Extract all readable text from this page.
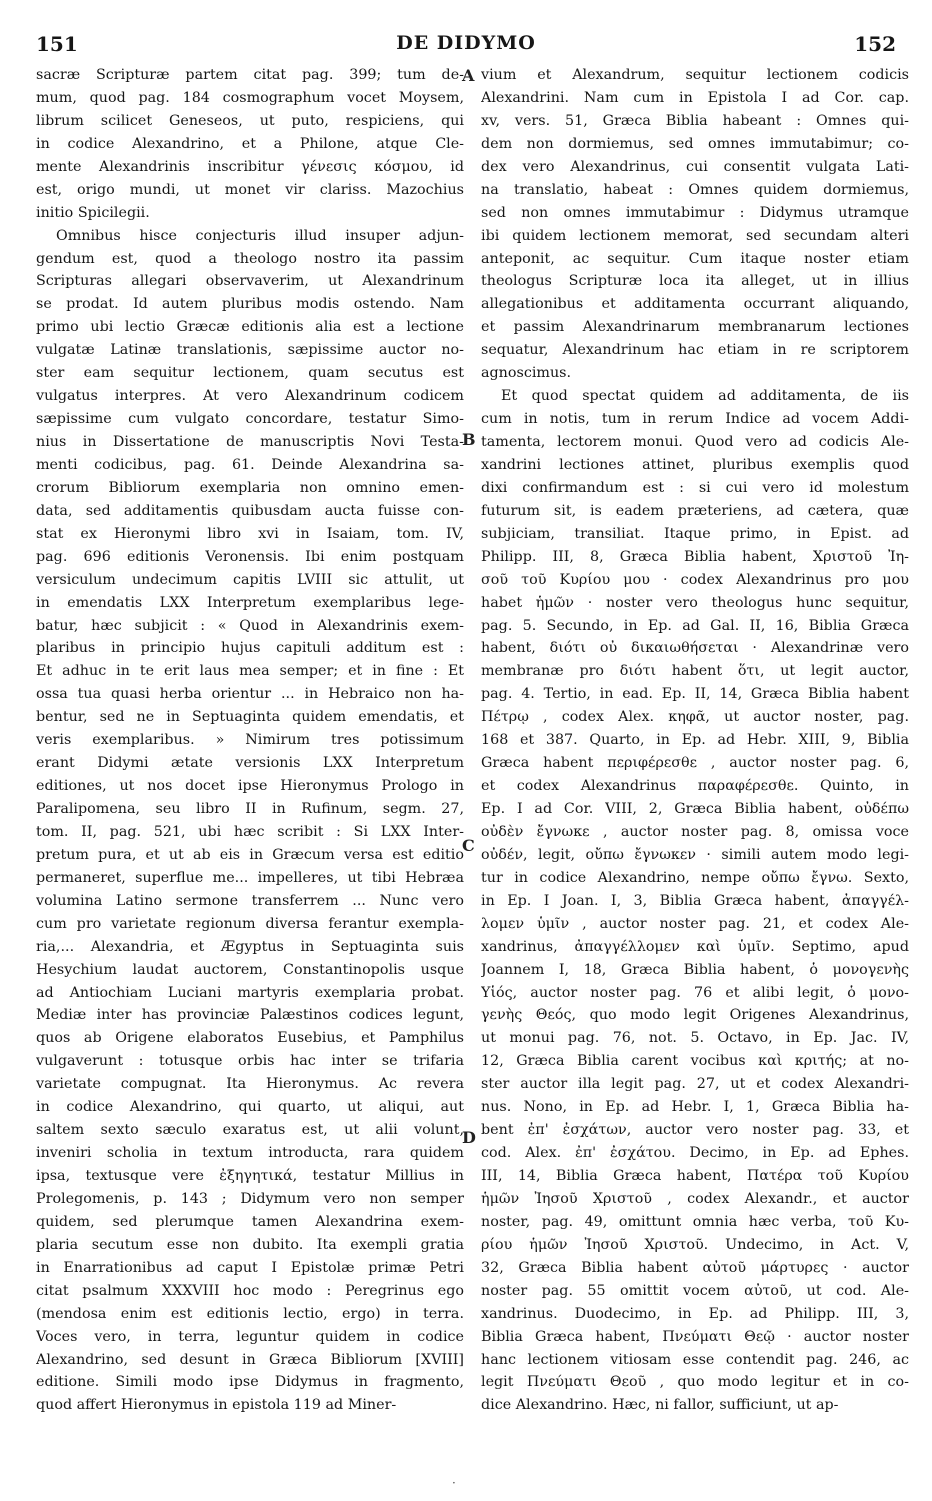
151	DE DIDYMO	152
sacræ Scripturæ partem citat pag. 399; tum de-
mum, quod pag. 184 cosmographum vocet Moysem,
librum scilicet Geneseos, ut puto, respiciens, qui
in codice Alexandrino, et a Philone, atque Cle-
mente Alexandrinis inscribitur γένεσις κόσμου, id
est, origo mundi, ut monet vir clariss. Mazochius
initio Spicilegii.
Omnibus hisce conjecturis illud insuper adjun-
gendum est, quod a theologo nostro ita passim
Scripturas allegari observaverim, ut Alexandrinum
se prodat. Id autem pluribus modis ostendo. Nam
primo ubi lectio Græcæ editionis alia est a lectione
vulgatæ Latinæ translationis, sæpissime auctor no-
ster eam sequitur lectionem, quam secutus est
vulgatus interpres. At vero Alexandrinum codicem
sæpissime cum vulgato concordare, testatur Simo-
nius in Dissertatione de manuscriptis Novi Testa-
menti codicibus, pag. 61. Deinde Alexandrina sa-
crorum Bibliorum exemplaria non omnino emen-
data, sed additamentis quibusdam aucta fuisse con-
stat ex Hieronymi libro xvi in Isaiam, tom. IV,
pag. 696 editionis Veronensis. Ibi enim postquam
versiculum undecimum capitis LVIII sic attulit, ut
in emendatis LXX Interpretum exemplaribus lege-
batur, hæc subjicit : « Quod in Alexandrinis exem-
plaribus in principio hujus capituli additum est :
Et adhuc in te erit laus mea semper; et in fine : Et
ossa tua quasi herba orientur ... in Hebraico non ha-
bentur, sed ne in Septuaginta quidem emendatis, et
veris exemplaribus. » Nimirum tres potissimum
erant Didymi ætate versionis LXX Interpretum
editiones, ut nos docet ipse Hieronymus Prologo in
Paralipomena, seu libro II in Rufinum, segm. 27,
tom. II, pag. 521, ubi hæc scribit : Si LXX Inter-
pretum pura, et ut ab eis in Græcum versa est editio
permaneret, superflue me... impelleres, ut tibi Hebræa
volumina Latino sermone transferrem ... Nunc vero
cum pro varietate regionum diversa ferantur exempla-
ria,... Alexandria, et Ægyptus in Septuaginta suis
Hesychium laudat auctorem, Constantinopolis usque
ad Antiochiam Luciani martyris exemplaria probat.
Mediæ inter has provinciæ Palæstinos codices legunt,
quos ab Origene elaboratos Eusebius, et Pamphilus
vulgaverunt : totusque orbis hac inter se trifaria
varietate compugnat. Ita Hieronymus. Ac revera
in codice Alexandrino, qui quarto, ut aliqui, aut
saltem sexto sæculo exaratus est, ut alii volunt,
inveniri scholia in textum introducta, rara quidem
ipsa, textusque vere ἐξηγητικά, testatur Millius in
Prolegomenis, p. 143 ; Didymum vero non semper
quidem, sed plerumque tamen Alexandrina exem-
plaria secutum esse non dubito. Ita exempli gratia
in Enarrationibus ad caput I Epistolæ primæ Petri
citat psalmum XXXVIII hoc modo : Peregrinus ego
(mendosa enim est editionis lectio, ergo) in terra.
Voces vero, in terra, leguntur quidem in codice
Alexandrino, sed desunt in Græca Bibliorum [XVIII]
editione. Simili modo ipse Didymus in fragmento,
quod affert Hieronymus in epistola 119 ad Miner-
vium et Alexandrum, sequitur lectionem codicis
Alexandrini. Nam cum in Epistola I ad Cor. cap.
xv, vers. 51, Græca Biblia habeant : Omnes qui-
dem non dormiemus, sed omnes immutabimur; co-
dex vero Alexandrinus, cui consentit vulgata Lati-
na translatio, habeat : Omnes quidem dormiemus,
sed non omnes immutabimur : Didymus utramque
ibi quidem lectionem memorat, sed secundam alteri
anteponit, ac sequitur. Cum itaque noster etiam
theologus Scripturæ loca ita alleget, ut in illius
allegationibus et additamenta occurrant aliquando,
et passim Alexandrinarum membranarum lectiones
sequatur, Alexandrinum hac etiam in re scriptorem
agnoscimus.
Et quod spectat quidem ad additamenta, de iis
cum in notis, tum in rerum Indice ad vocem Addi-
tamenta, lectorem monui. Quod vero ad codicis Ale-
xandrini lectiones attinet, pluribus exemplis quod
dixi confirmandum est : si cui vero id molestum
futurum sit, is eadem præteriens, ad cætera, quæ
subjiciam, transiliat. Itaque primo, in Epist. ad
Philipp. III, 8, Græca Biblia habent, Χριστοῦ Ἰη-
σοῦ τοῦ Κυρίου μου · codex Alexandrinus pro μου
habet ἡμῶν · noster vero theologus hunc sequitur,
pag. 5. Secundo, in Ep. ad Gal. II, 16, Biblia Græca
habent, διότι οὐ δικαιωθήσεται · Alexandrinæ vero
membranæ pro διότι habent ὅτι, ut legit auctor,
pag. 4. Tertio, in ead. Ep. II, 14, Græca Biblia habent
Πέτρῳ , codex Alex. κηφᾶ, ut auctor noster, pag.
168 et 387. Quarto, in Ep. ad Hebr. XIII, 9, Biblia
Græca habent περιφέρεσθε , auctor noster pag. 6,
et codex Alexandrinus παραφέρεσθε. Quinto, in
Ep. I ad Cor. VIII, 2, Græca Biblia habent, οὐδέπω
οὐδὲν ἔγνωκε , auctor noster pag. 8, omissa voce
οὐδέν, legit, οὔπω ἔγνωκεν · simili autem modo legi-
tur in codice Alexandrino, nempe οὔπω ἔγνω. Sexto,
in Ep. I Joan. I, 3, Biblia Græca habent, ἀπαγγέλ-
λομεν ὑμῖν , auctor noster pag. 21, et codex Ale-
xandrinus, ἀπαγγέλλομεν καὶ ὑμῖν. Septimo, apud
Joannem I, 18, Græca Biblia habent, ὁ μονογενὴς
Υἱός, auctor noster pag. 76 et alibi legit, ὁ μονο-
γενὴς Θεός, quo modo legit Origenes Alexandrinus,
ut monui pag. 76, not. 5. Octavo, in Ep. Jac. IV,
12, Græca Biblia carent vocibus καὶ κριτής; at no-
ster auctor illa legit pag. 27, ut et codex Alexandri-
nus. Nono, in Ep. ad Hebr. I, 1, Græca Biblia ha-
bent ἐπ' ἐσχάτων, auctor vero noster pag. 33, et
cod. Alex. ἐπ' ἐσχάτου. Decimo, in Ep. ad Ephes.
III, 14, Biblia Græca habent, Πατέρα τοῦ Κυρίου
ἡμῶν Ἰησοῦ Χριστοῦ , codex Alexandr., et auctor
noster, pag. 49, omittunt omnia hæc verba, τοῦ Κυ-
ρίου ἡμῶν Ἰησοῦ Χριστοῦ. Undecimo, in Act. V,
32, Græca Biblia habent αὐτοῦ μάρτυρες · auctor
noster pag. 55 omittit vocem αὐτοῦ, ut cod. Ale-
xandrinus. Duodecimo, in Ep. ad Philipp. III, 3,
Biblia Græca habent, Πνεύματι Θεῷ · auctor noster
hanc lectionem vitiosam esse contendit pag. 246, ac
legit Πνεύματι Θεοῦ , quo modo legitur et in co-
dice Alexandrino. Hæc, ni fallor, sufficiunt, ut ap-
A
B
C
D
·
